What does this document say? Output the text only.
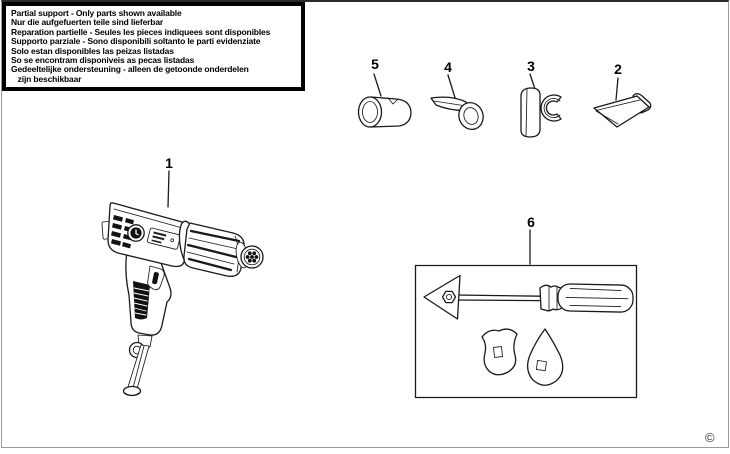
Partial support - Only parts shown available
Nur die aufgefuerten teile sind lieferbar
Reparation partielle - Seules les pieces indiquees sont disponibles
Supporto parziale - Sono disponibili soltanto le parti evidenziate
Solo estan disponibles las peizas listadas
So se encontram disponiveis as pecas listadas
Gedeeltelijke ondersteuning - alleen de getoonde onderdelen
zijn beschikbaar
1
2
3
4
5
6
©
